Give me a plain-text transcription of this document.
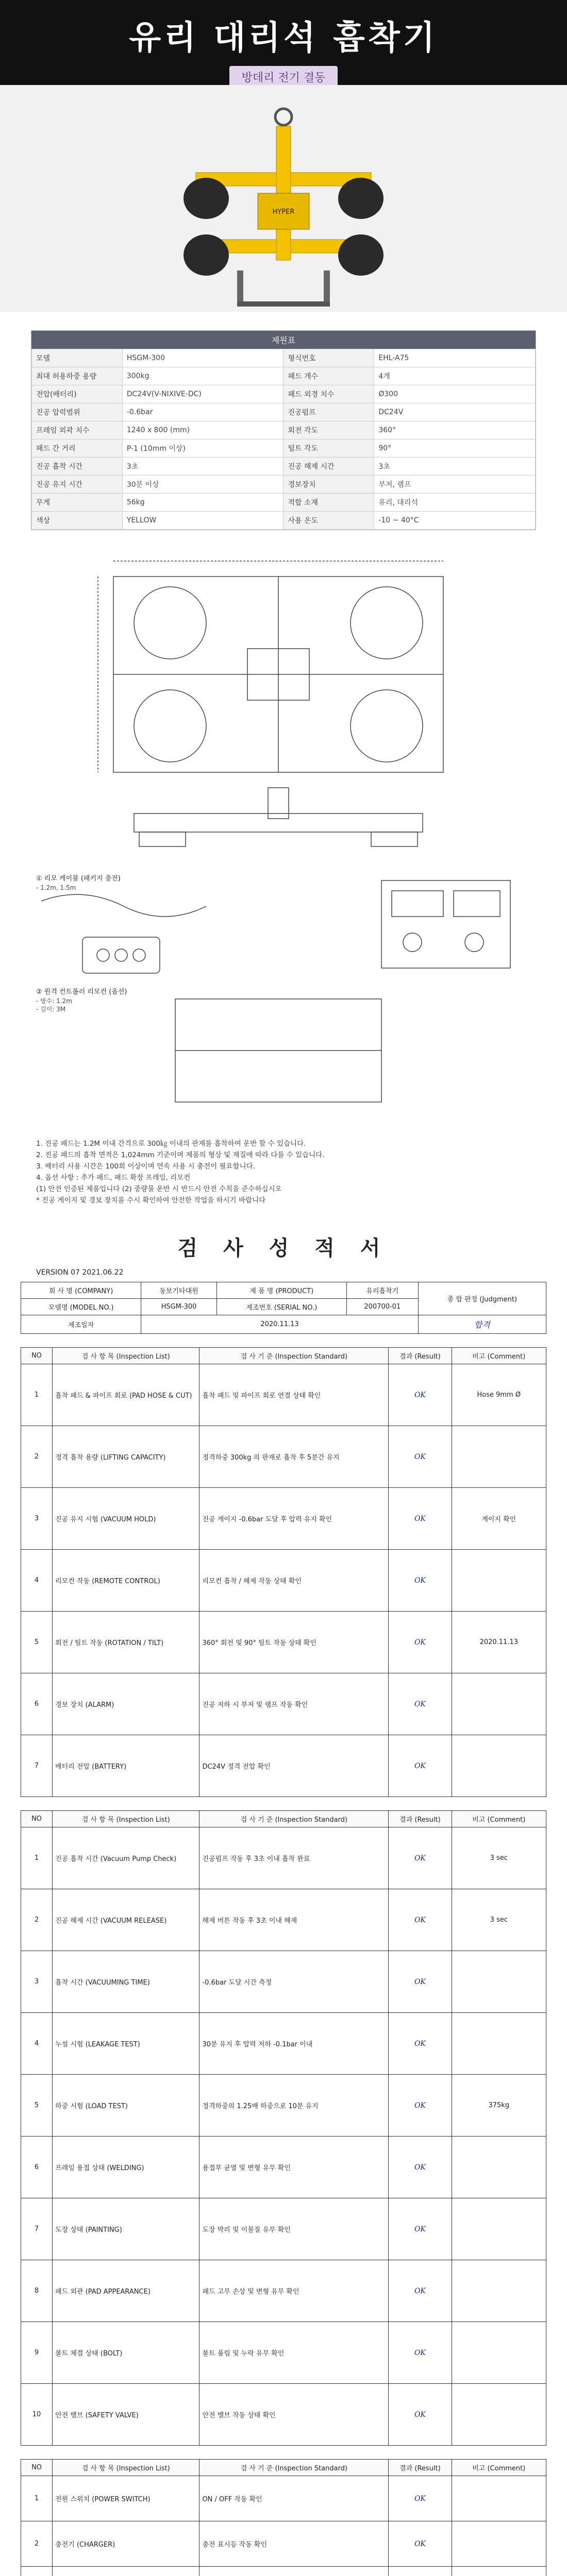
유리 대리석 흡착기
방데리 전기 결동
HYPER
제원표
모델	HSGM-300	형식번호	EHL-A75
최대 허용하중 용량	300kg	패드 개수	4개
전압(배터리)	DC24V(V-NIXIVE-DC)	패드 외경 치수	Ø300
진공 압력범위	-0.6bar	진공펌프	DC24V
프레임 외곽 치수	1240 x 800 (mm)	회전 각도	360°
패드 간 거리	P-1 (10mm 이상)	틸트 각도	90°
진공 흡착 시간	3초	진공 해제 시간	3초
진공 유지 시간	30분 이상	경보장치	부저, 램프
무게	56kg	적합 소재	유리, 대리석
색상	YELLOW	사용 온도	-10 ~ 40°C
① 리모 케이블 (패키지 충전)
- 1.2m, 1.5m
② 원격 컨트롤러 리모컨 (옵션)
- 방수: 1.2m
- 길이: 3M
1. 진공 패드는 1.2M 이내 간격으로 300㎏ 이내의 판재를 흡착하여 운반 할 수 있습니다.
2. 진공 패드의 흡착 면적은 1,024mm 기준이며 제품의 형상 및 재질에 따라 다를 수 있습니다.
3. 배터리 사용 시간은 100회 이상이며 연속 사용 시 충전이 필요합니다.
4. 옵션 사항 : 추가 패드, 패드 확장 프레임, 리모컨
(1) 안전 인증된 제품입니다 (2) 중량물 운반 시 반드시 안전 수칙을 준수하십시오
* 진공 게이지 및 경보 장치를 수시 확인하여 안전한 작업을 하시기 바랍니다
검 사 성 적 서
VERSION 07 2021.06.22
회 사 명 (COMPANY)	동보기타대원	제 품 명 (PRODUCT)	유리흡착기	종 합 판정 (Judgment)
모델명 (MODEL NO.)	HSGM-300	제조번호 (SERIAL NO.)	200700-01	
제조일자	2020.11.13			합격
NO	검 사 항 목 (Inspection List)	검 사 기 준 (Inspection Standard)	결과 (Result)	비고 (Comment)
1	흡착 패드 & 파이프 회로 (PAD HOSE & CUT)	흡착 패드 및 파이프 회로 연결 상태 확인	OK	Hose 9mm Ø
2	정격 흡착 용량 (LIFTING CAPACITY)	정격하중 300kg 의 판재로 흡착 후 5분간 유지	OK	
3	진공 유지 시험 (VACUUM HOLD)	진공 게이지 -0.6bar 도달 후 압력 유지 확인	OK	게이지 확인
4	리모컨 작동 (REMOTE CONTROL)	리모컨 흡착 / 해제 작동 상태 확인	OK	
5	회전 / 틸트 작동 (ROTATION / TILT)	360° 회전 및 90° 틸트 작동 상태 확인	OK	2020.11.13
6	경보 장치 (ALARM)	진공 저하 시 부저 및 램프 작동 확인	OK	
7	배터리 전압 (BATTERY)	DC24V 정격 전압 확인	OK	
NO	검 사 항 목 (Inspection List)	검 사 기 준 (Inspection Standard)	결과 (Result)	비고 (Comment)
1	진공 흡착 시간 (Vacuum Pump Check)	진공펌프 작동 후 3초 이내 흡착 완료	OK	3 sec
2	진공 해제 시간 (VACUUM RELEASE)	해제 버튼 작동 후 3초 이내 해제	OK	3 sec
3	흡착 시간 (VACUUMING TIME)	-0.6bar 도달 시간 측정	OK	
4	누설 시험 (LEAKAGE TEST)	30분 유지 후 압력 저하 -0.1bar 이내	OK	
5	하중 시험 (LOAD TEST)	정격하중의 1.25배 하중으로 10분 유지	OK	375kg
6	프레임 용접 상태 (WELDING)	용접부 균열 및 변형 유무 확인	OK	
7	도장 상태 (PAINTING)	도장 박리 및 이물질 유무 확인	OK	
8	패드 외관 (PAD APPEARANCE)	패드 고무 손상 및 변형 유무 확인	OK	
9	볼트 체결 상태 (BOLT)	볼트 풀림 및 누락 유무 확인	OK	
10	안전 밸브 (SAFETY VALVE)	안전 밸브 작동 상태 확인	OK	
NO	검 사 항 목 (Inspection List)	검 사 기 준 (Inspection Standard)	결과 (Result)	비고 (Comment)
1	전원 스위치 (POWER SWITCH)	ON / OFF 작동 확인	OK	
2	충전기 (CHARGER)	충전 표시등 작동 확인	OK	
